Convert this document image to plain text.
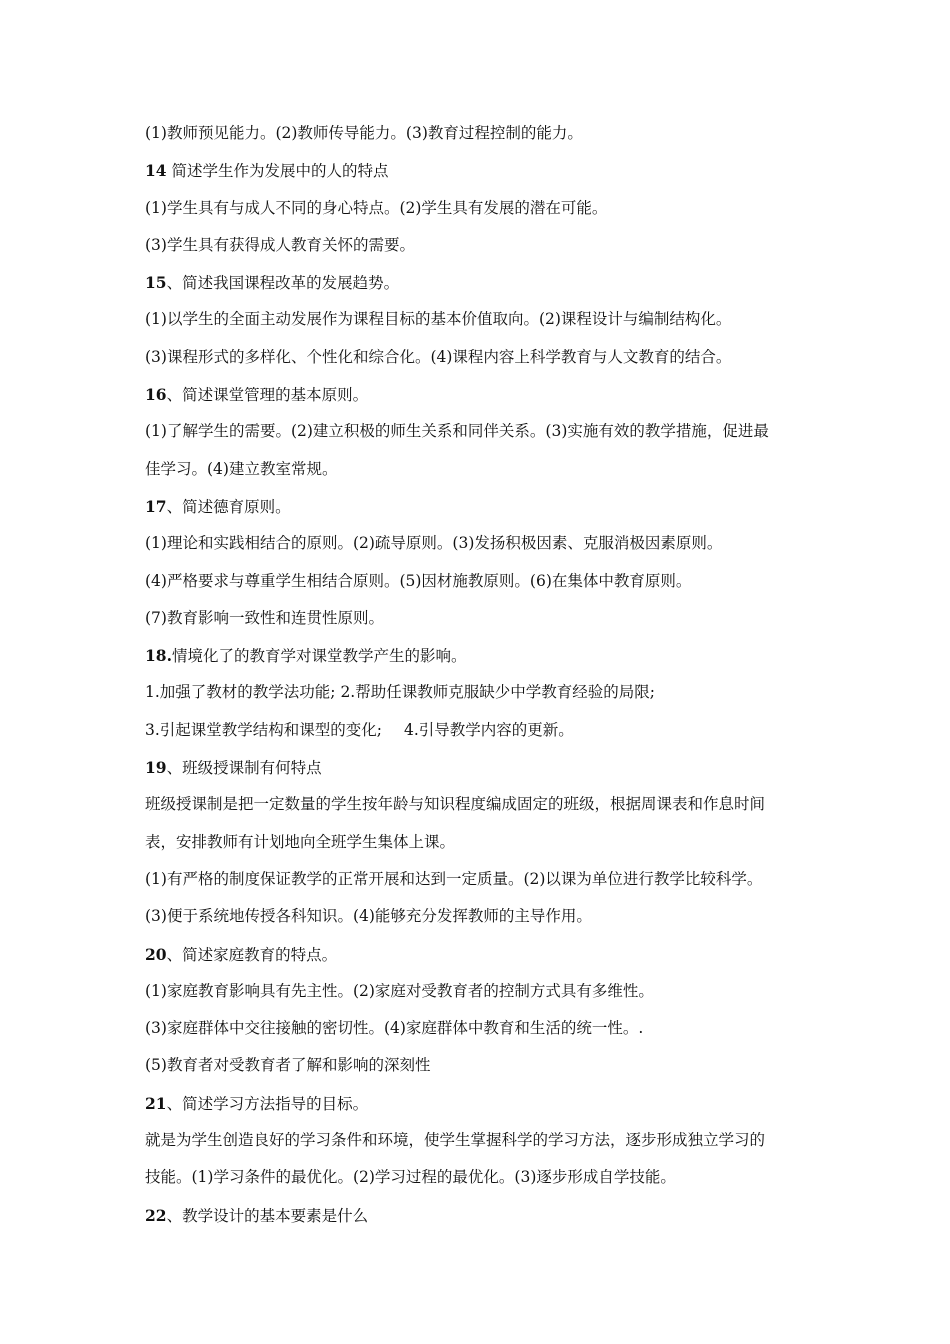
(1)教师预见能力。(2)教师传导能力。(3)教育过程控制的能力。
14 简述学生作为发展中的人的特点
(1)学生具有与成人不同的身心特点。(2)学生具有发展的潜在可能。
(3)学生具有获得成人教育关怀的需要。
15、简述我国课程改革的发展趋势。
(1)以学生的全面主动发展作为课程目标的基本价值取向。(2)课程设计与编制结构化。
(3)课程形式的多样化、个性化和综合化。(4)课程内容上科学教育与人文教育的结合。
16、简述课堂管理的基本原则。
(1)了解学生的需要。(2)建立积极的师生关系和同伴关系。(3)实施有效的教学措施，促进最
佳学习。(4)建立教室常规。
17、简述德育原则。
(1)理论和实践相结合的原则。(2)疏导原则。(3)发扬积极因素、克服消极因素原则。
(4)严格要求与尊重学生相结合原则。(5)因材施教原则。(6)在集体中教育原则。
(7)教育影响一致性和连贯性原则。
18.情境化了的教育学对课堂教学产生的影响。
1.加强了教材的教学法功能; 2.帮助任课教师克服缺少中学教育经验的局限;
3.引起课堂教学结构和课型的变化; 4.引导教学内容的更新。
19、班级授课制有何特点
班级授课制是把一定数量的学生按年龄与知识程度编成固定的班级，根据周课表和作息时间
表，安排教师有计划地向全班学生集体上课。
(1)有严格的制度保证教学的正常开展和达到一定质量。(2)以课为单位进行教学比较科学。
(3)便于系统地传授各科知识。(4)能够充分发挥教师的主导作用。
20、简述家庭教育的特点。
(1)家庭教育影响具有先主性。(2)家庭对受教育者的控制方式具有多维性。
(3)家庭群体中交往接触的密切性。(4)家庭群体中教育和生活的统一性。.
(5)教育者对受教育者了解和影响的深刻性
21、简述学习方法指导的目标。
就是为学生创造良好的学习条件和环境，使学生掌握科学的学习方法，逐步形成独立学习的
技能。(1)学习条件的最优化。(2)学习过程的最优化。(3)逐步形成自学技能。
22、教学设计的基本要素是什么
